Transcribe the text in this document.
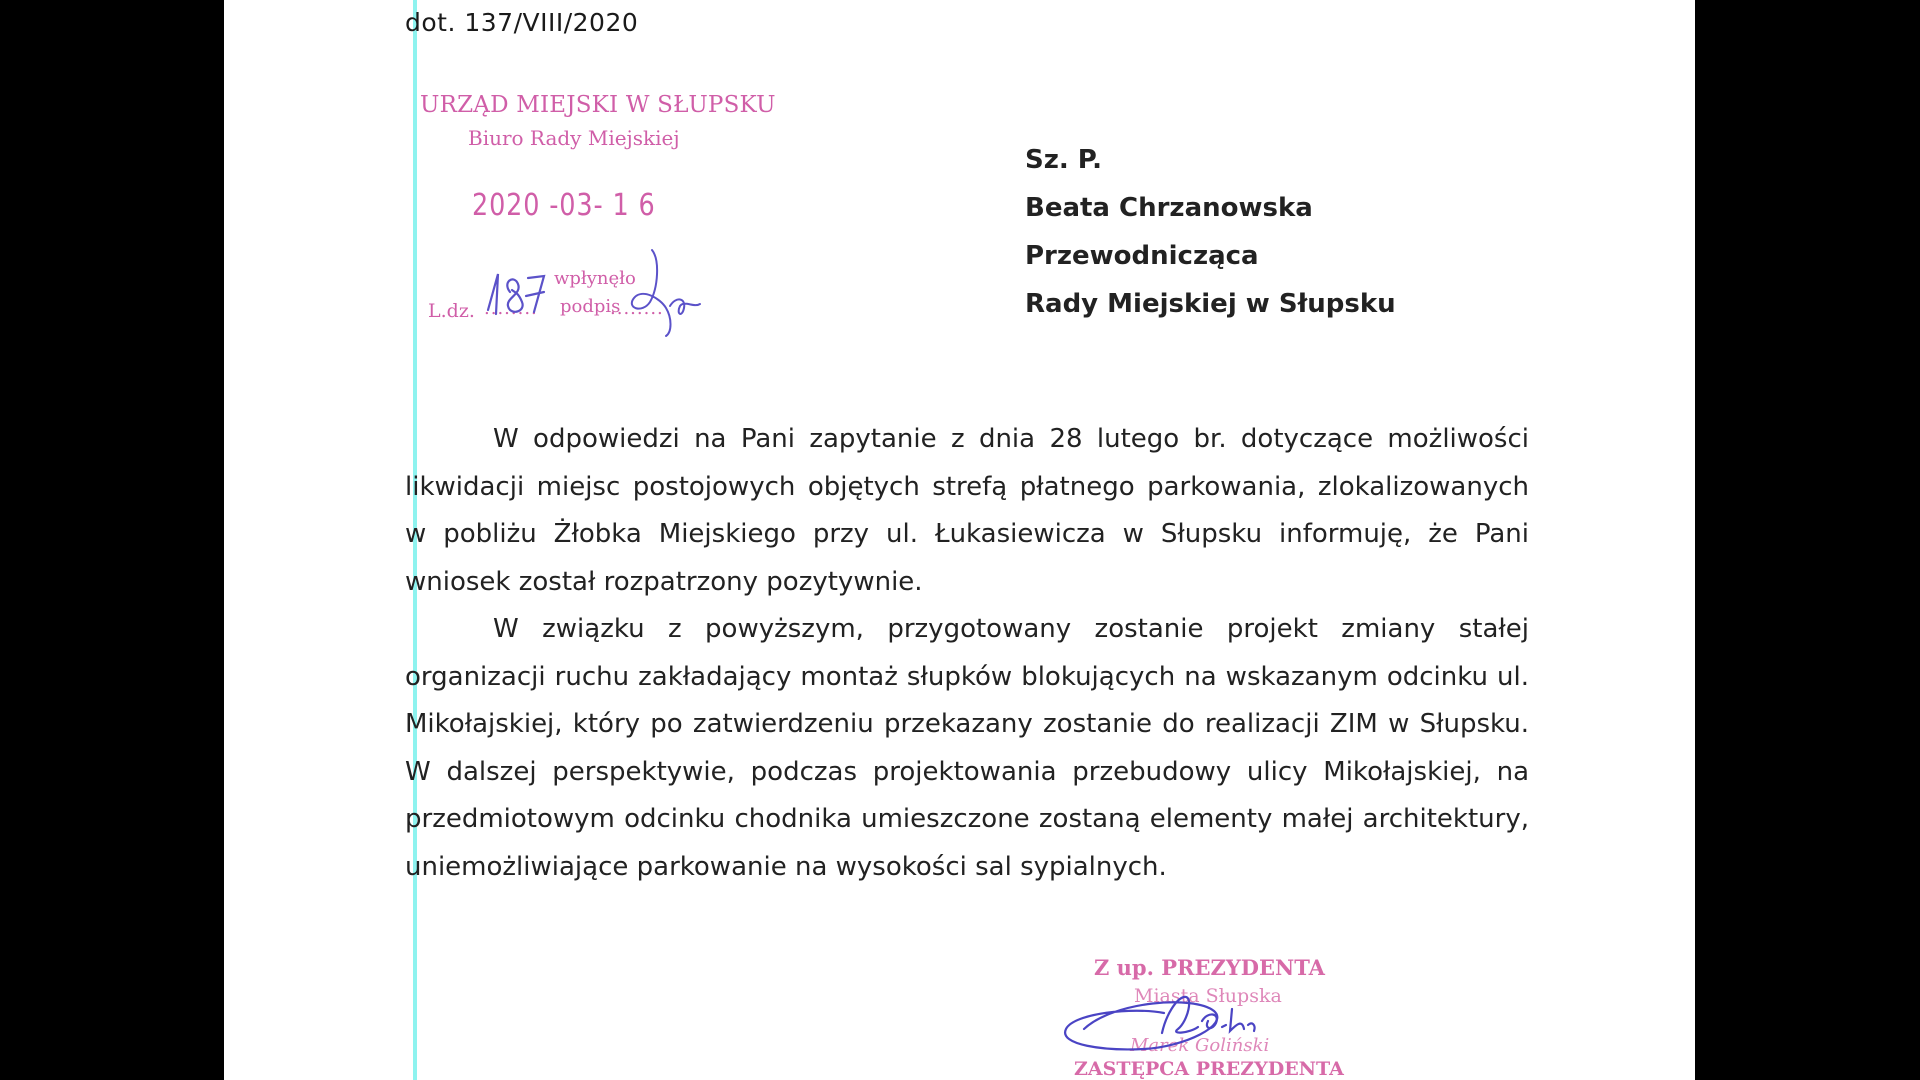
dot. 137/VIII/2020
URZĄD MIEJSKI W SŁUPSKU
Biuro Rady Miejskiej
2020 -03- 1 6
L.dz. ........
wpłynęło
podpis
........
Sz. P.
Beata Chrzanowska
Przewodnicząca
Rady Miejskiej w Słupsku

W odpowiedzi na Pani zapytanie z dnia 28 lutego br. dotyczące możliwości likwidacji miejsc postojowych objętych strefą płatnego parkowania, zlokalizowanych w pobliżu Żłobka Miejskiego przy ul. Łukasiewicza w Słupsku informuję, że Pani wniosek został rozpatrzony pozytywnie.

W związku z powyższym, przygotowany zostanie projekt zmiany stałej organizacji ruchu zakładający montaż słupków blokujących na wskazanym odcinku ul. Mikołajskiej, który po zatwierdzeniu przekazany zostanie do realizacji ZIM w Słupsku. W dalszej perspektywie, podczas projektowania przebudowy ulicy Mikołajskiej, na przedmiotowym odcinku chodnika umieszczone zostaną elementy małej architektury, uniemożliwiające parkowanie na wysokości sal sypialnych.

Z up. PREZYDENTA
Miasta Słupska
Marek Goliński
ZASTĘPCA PREZYDENTA
